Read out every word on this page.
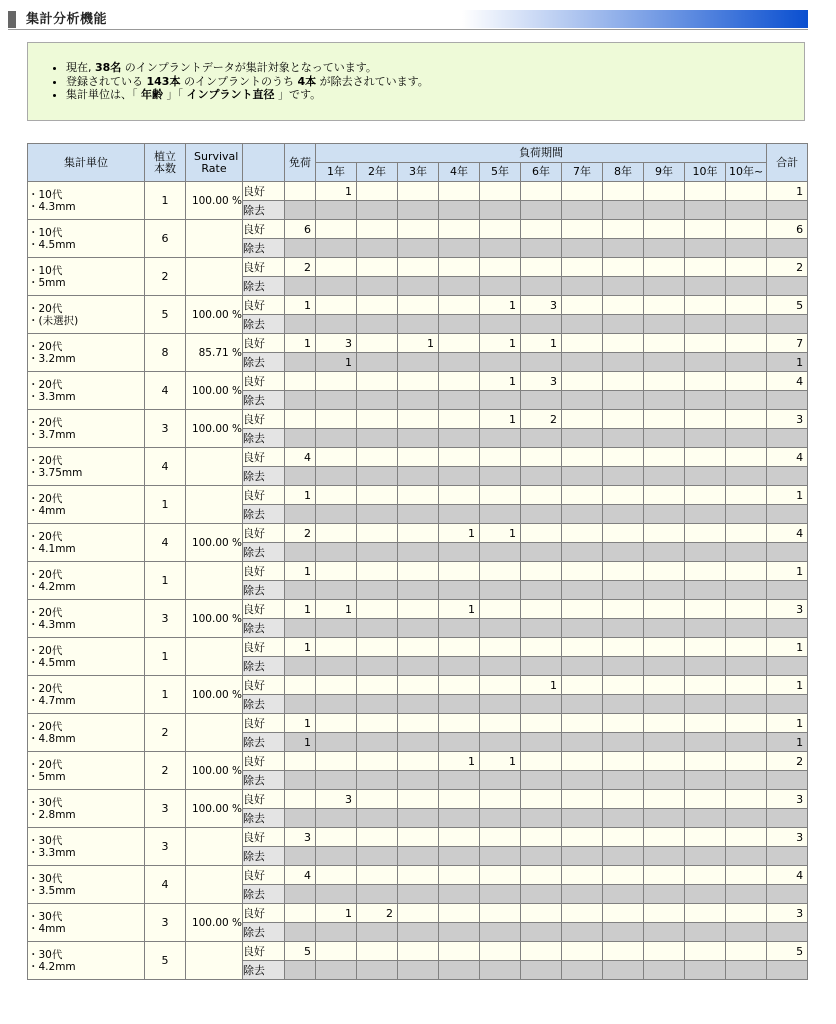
集計分析機能
• 現在, 38名 のインプラントデータが集計対象となっています。
• 登録されている 143本 のインプラントのうち 4本 が除去されています。
• 集計単位は、「 年齢 」「 インプラント直径 」です。
集計単位	植立本数	Survival Rate		免荷	負荷期間											合計
					1年	2年	3年	4年	5年	6年	7年	8年	9年	10年	10年~	

・10代
・4.3mm	1	100.00 %	良好		1											1
			除去													

・10代
・4.5mm	6		良好	6												6
			除去													

・10代
・5mm	2		良好	2												2
			除去													

・20代
・(未選択)	5	100.00 %	良好	1					1	3						5
			除去													

・20代
・3.2mm	8	85.71 %	良好	1	3		1		1	1						7
			除去		1											1

・20代
・3.3mm	4	100.00 %	良好						1	3						4
			除去													

・20代
・3.7mm	3	100.00 %	良好						1	2						3
			除去													

・20代
・3.75mm	4		良好	4												4
			除去													

・20代
・4mm	1		良好	1												1
			除去													

・20代
・4.1mm	4	100.00 %	良好	2				1	1							4
			除去													

・20代
・4.2mm	1		良好	1												1
			除去													

・20代
・4.3mm	3	100.00 %	良好	1	1			1								3
			除去													

・20代
・4.5mm	1		良好	1												1
			除去													

・20代
・4.7mm	1	100.00 %	良好							1						1
			除去													

・20代
・4.8mm	2		良好	1												1
			除去	1												1

・20代
・5mm	2	100.00 %	良好					1	1							2
			除去													

・30代
・2.8mm	3	100.00 %	良好		3											3
			除去													

・30代
・3.3mm	3		良好	3												3
			除去													

・30代
・3.5mm	4		良好	4												4
			除去													

・30代
・4mm	3	100.00 %	良好		1	2										3
			除去													

・30代
・4.2mm	5		良好	5												5
			除去													
